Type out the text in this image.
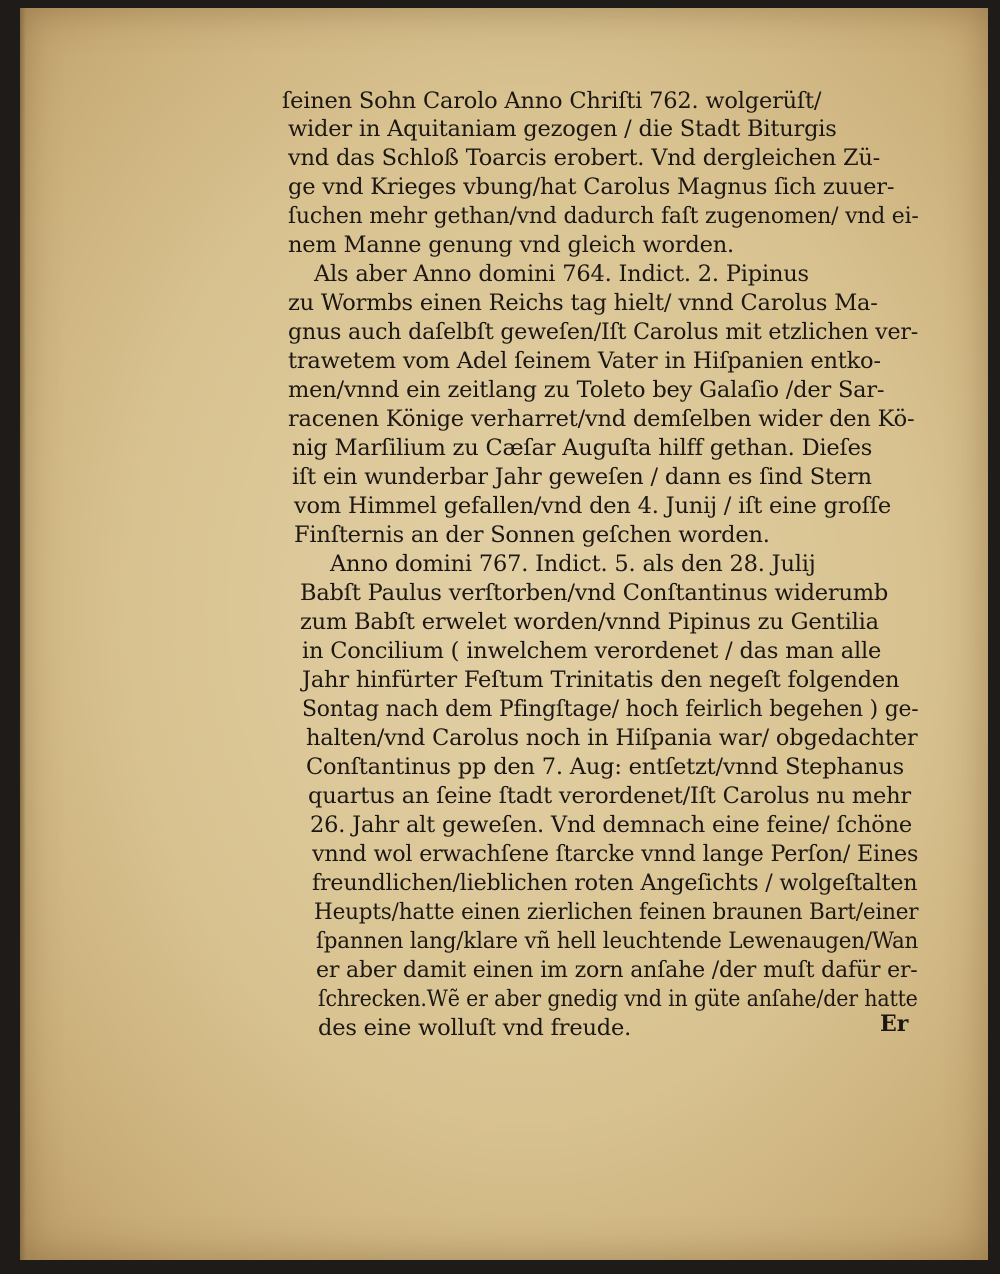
ſeinen Sohn Carolo Anno Chriſti 762. wolgerüſt/
wider in Aquitaniam gezogen / die Stadt Biturgis
vnd das Schloß Toarcis erobert. Vnd dergleichen Zü-
ge vnd Krieges vbung/hat Carolus Magnus ſich zuuer-
ſuchen mehr gethan/vnd dadurch faſt zugenomen/ vnd ei-
nem Manne genung vnd gleich worden.
Als aber Anno domini 764. Indict. 2. Pipinus
zu Wormbs einen Reichs tag hielt/ vnnd Carolus Ma-
gnus auch daſelbſt geweſen/Iſt Carolus mit etzlichen ver-
trawetem vom Adel ſeinem Vater in Hiſpanien entko-
men/vnnd ein zeitlang zu Toleto bey Galaſio /der Sar-
racenen Könige verharret/vnd demſelben wider den Kö-
nig Marſilium zu Cæſar Auguſta hilff gethan. Dieſes
iſt ein wunderbar Jahr geweſen / dann es ſind Stern
vom Himmel gefallen/vnd den 4. Junij / iſt eine groſſe
Finſternis an der Sonnen geſchen worden.
Anno domini 767. Indict. 5. als den 28. Julij
Babſt Paulus verſtorben/vnd Conſtantinus widerumb
zum Babſt erwelet worden/vnnd Pipinus zu Gentilia
in Concilium ( inwelchem verordenet / das man alle
Jahr hinfürter Feſtum Trinitatis den negeſt folgenden
Sontag nach dem Pfingſtage/ hoch feirlich begehen ) ge-
halten/vnd Carolus noch in Hiſpania war/ obgedachter
Conſtantinus pp den 7. Aug: entſetzt/vnnd Stephanus
quartus an ſeine ſtadt verordenet/Iſt Carolus nu mehr
26. Jahr alt geweſen. Vnd demnach eine feine/ ſchöne
vnnd wol erwachſene ſtarcke vnnd lange Perſon/ Eines
freundlichen/lieblichen roten Angeſichts / wolgeſtalten
Heupts/hatte einen zierlichen feinen braunen Bart/einer
ſpannen lang/klare vñ hell leuchtende Lewenaugen/Wan
er aber damit einen im zorn anſahe /der muſt dafür er-
ſchrecken.Wẽ er aber gnedig vnd in güte anſahe/der hatte
des eine wolluſt vnd freude.	Er
